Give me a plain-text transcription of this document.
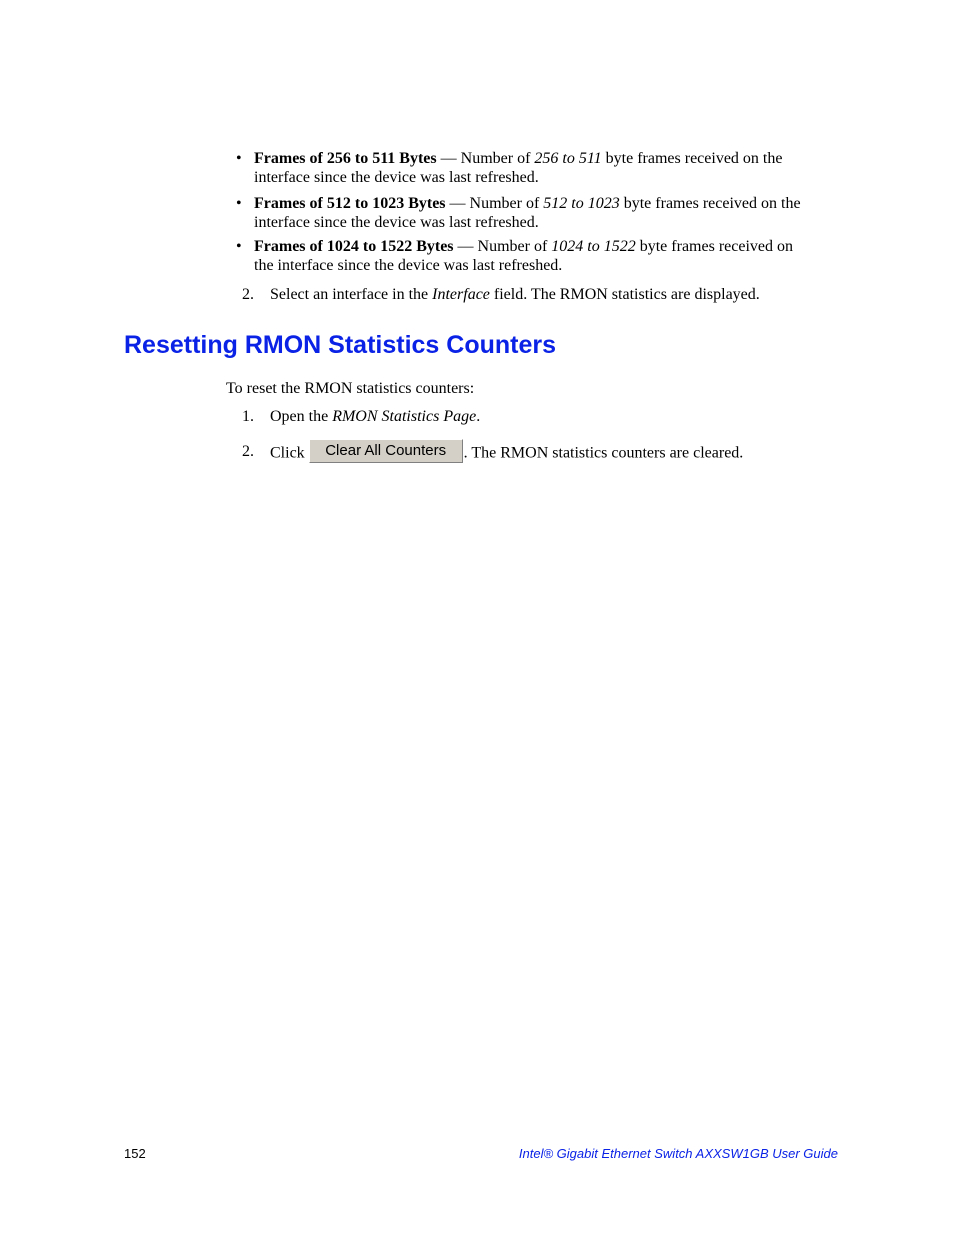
• Frames of 256 to 511 Bytes — Number of 256 to 511 byte frames received on the
interface since the device was last refreshed.
• Frames of 512 to 1023 Bytes — Number of 512 to 1023 byte frames received on the
interface since the device was last refreshed.
• Frames of 1024 to 1522 Bytes — Number of 1024 to 1522 byte frames received on
the interface since the device was last refreshed.
2. Select an interface in the Interface field. The RMON statistics are displayed.
Resetting RMON Statistics Counters
To reset the RMON statistics counters:
1. Open the RMON Statistics Page.
2. Click Clear All Counters . The RMON statistics counters are cleared.
152	Intel® Gigabit Ethernet Switch AXXSW1GB User Guide
